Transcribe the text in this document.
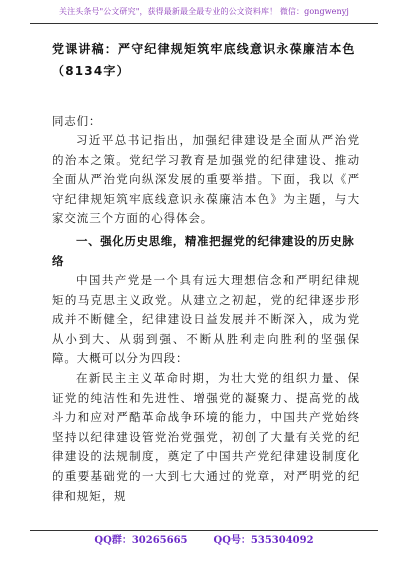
关注头条号"公文研究"，获得最新最全最专业的公文资料库！ 微信：gongwenyj
党课讲稿：严守纪律规矩筑牢底线意识永葆廉洁本色（8134字）
同志们：

习近平总书记指出，加强纪律建设是全面从严治党的治本之策。党纪学习教育是加强党的纪律建设、推动全面从严治党向纵深发展的重要举措。下面，我以《严守纪律规矩筑牢底线意识永葆廉洁本色》为主题，与大家交流三个方面的心得体会。

一、强化历史思维，精准把握党的纪律建设的历史脉络

中国共产党是一个具有远大理想信念和严明纪律规矩的马克思主义政党。从建立之初起，党的纪律逐步形成并不断健全，纪律建设日益发展并不断深入，成为党从小到大、从弱到强、不断从胜利走向胜利的坚强保障。大概可以分为四段：

在新民主主义革命时期，为壮大党的组织力量、保证党的纯洁性和先进性、增强党的凝聚力、提高党的战斗力和应对严酷革命战争环境的能力，中国共产党始终坚持以纪律建设管党治党强党，初创了大量有关党的纪律建设的法规制度，奠定了中国共产党纪律建设制度化的重要基础党的一大到七大通过的党章，对严明党的纪律和规矩，规

QQ群：30265665	QQ号：535304092
